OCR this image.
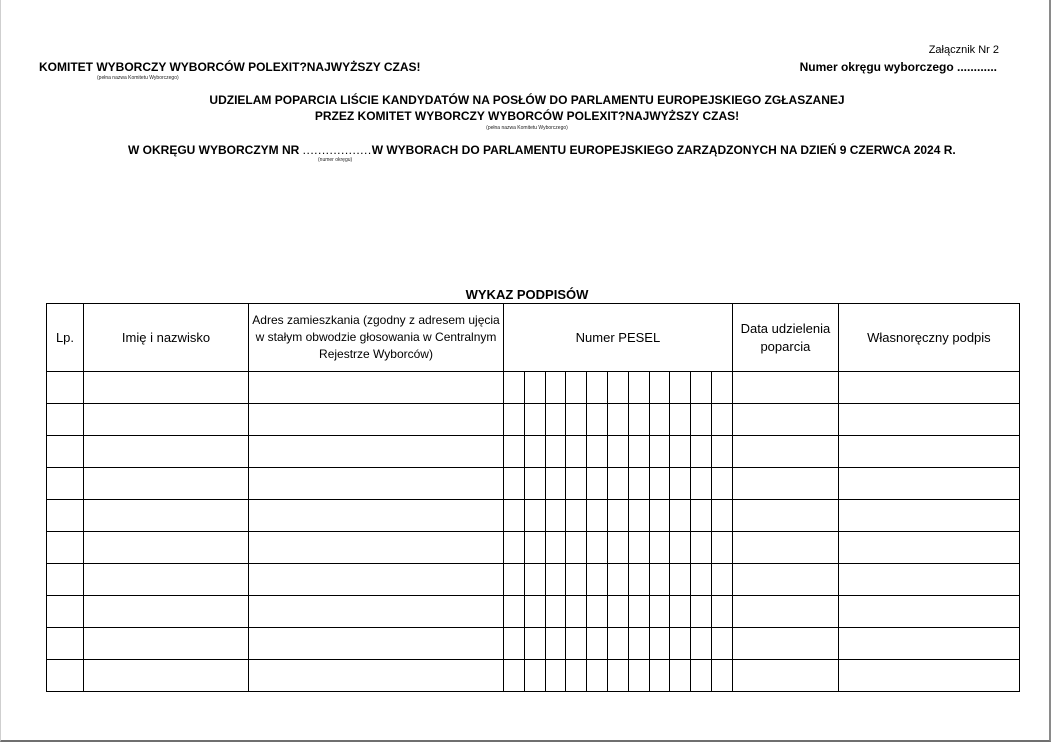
Załącznik Nr 2
Numer okręgu wyborczego ............
KOMITET WYBORCZY WYBORCÓW POLEXIT?NAJWYŻSZY CZAS!
(pełna nazwa Komitetu Wyborczego)
UDZIELAM POPARCIA LIŚCIE KANDYDATÓW NA POSŁÓW DO PARLAMENTU EUROPEJSKIEGO ZGŁASZANEJ
PRZEZ KOMITET WYBORCZY WYBORCÓW POLEXIT?NAJWYŻSZY CZAS!
(pełna nazwa Komitetu Wyborczego)
W OKRĘGU WYBORCZYM NR ..................W WYBORACH DO PARLAMENTU EUROPEJSKIEGO ZARZĄDZONYCH NA DZIEŃ 9 CZERWCA 2024 R.
(numer okręgu)
WYKAZ PODPISÓW
Lp.	Imię i nazwisko	Adres zamieszkania (zgodny z adresem ujęcia w stałym obwodzie głosowania w Centralnym Rejestrze Wyborców)	Numer PESEL											Data udzielenia poparcia	Własnoręczny podpis
